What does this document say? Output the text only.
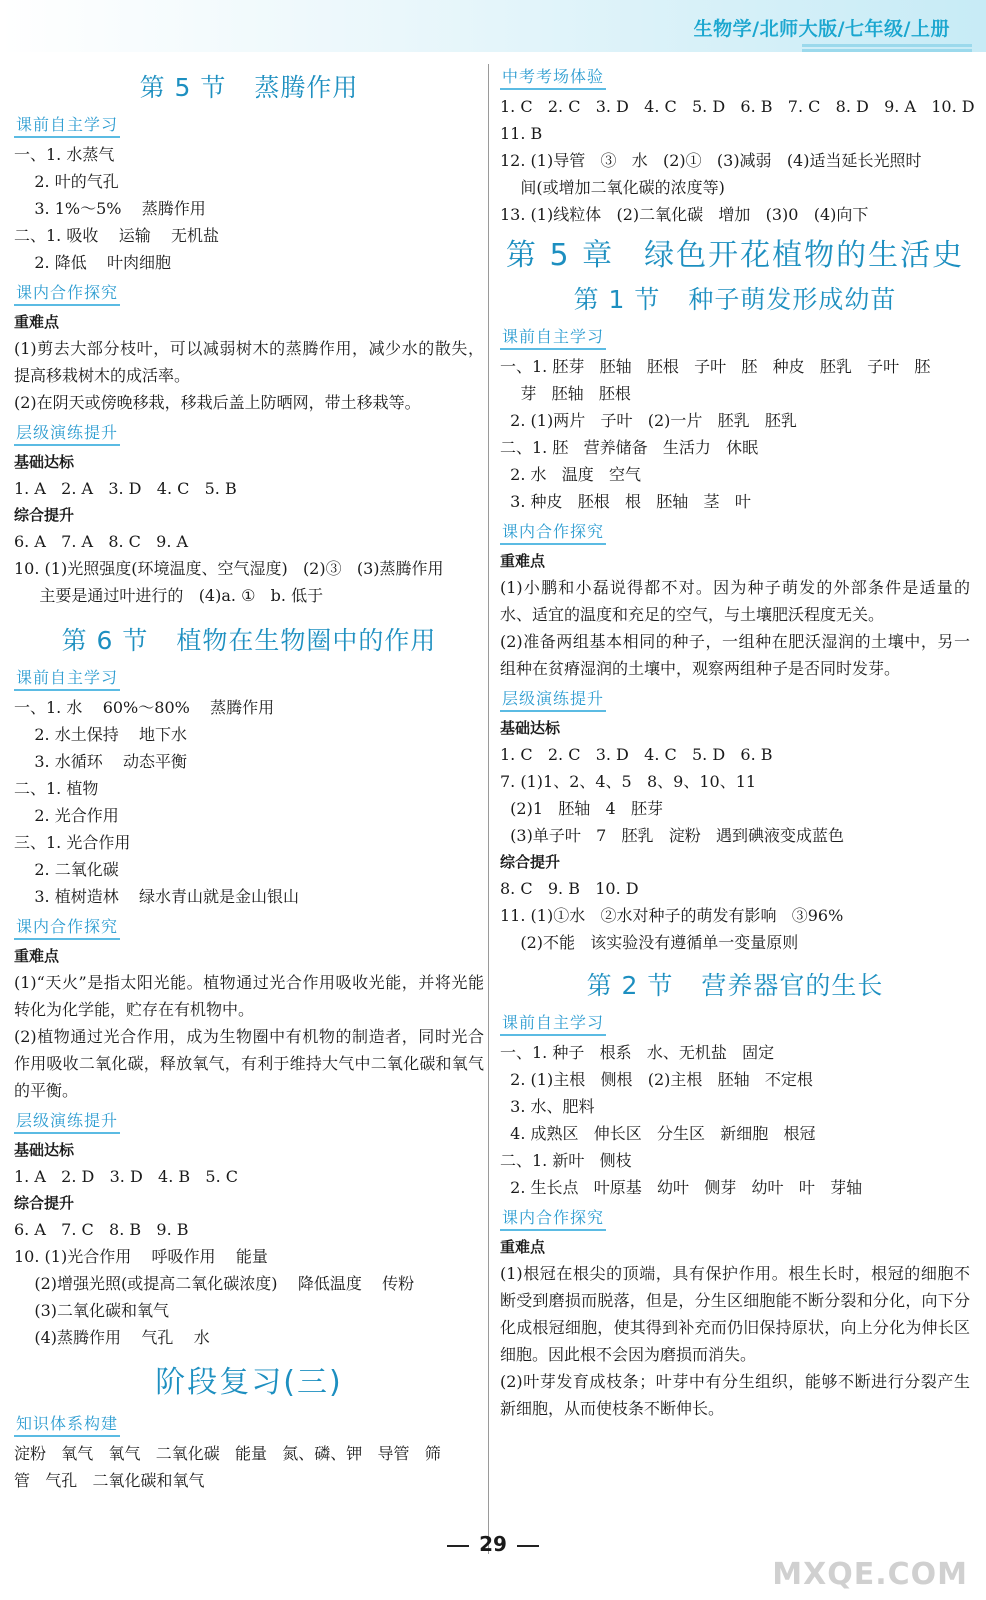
生物学/北师大版/七年级/上册
第 5 节 蒸腾作用
课前自主学习
一、1. 水蒸气
2. 叶的气孔
3. 1%～5%    蒸腾作用
二、1. 吸收    运输    无机盐
2. 降低    叶肉细胞
课内合作探究
重难点
(1)剪去大部分枝叶，可以减弱树木的蒸腾作用，减少水的散失，提高移栽树木的成活率。
(2)在阴天或傍晚移栽，移栽后盖上防晒网，带土移栽等。
层级演练提升
基础达标
1. A   2. A   3. D   4. C   5. B
综合提升
6. A   7. A   8. C   9. A
10. (1)光照强度(环境温度、空气湿度)   (2)③   (3)蒸腾作用
主要是通过叶进行的   (4)a. ①   b. 低于
第 6 节 植物在生物圈中的作用
课前自主学习
一、1. 水    60%～80%    蒸腾作用
2. 水土保持    地下水
3. 水循环    动态平衡
二、1. 植物
2. 光合作用
三、1. 光合作用
2. 二氧化碳
3. 植树造林    绿水青山就是金山银山
课内合作探究
重难点
(1)“天火”是指太阳光能。植物通过光合作用吸收光能，并将光能转化为化学能，贮存在有机物中。
(2)植物通过光合作用，成为生物圈中有机物的制造者，同时光合作用吸收二氧化碳，释放氧气，有利于维持大气中二氧化碳和氧气的平衡。
层级演练提升
基础达标
1. A   2. D   3. D   4. B   5. C
综合提升
6. A   7. C   8. B   9. B
10. (1)光合作用    呼吸作用    能量
(2)增强光照(或提高二氧化碳浓度)    降低温度    传粉
(3)二氧化碳和氧气
(4)蒸腾作用    气孔    水
阶段复习(三)
知识体系构建
淀粉   氧气   氧气   二氧化碳   能量   氮、磷、钾   导管   筛
管   气孔   二氧化碳和氧气
中考考场体验
1. C   2. C   3. D   4. C   5. D   6. B   7. C   8. D   9. A   10. D
11. B
12. (1)导管   ③   水   (2)①   (3)减弱   (4)适当延长光照时
间(或增加二氧化碳的浓度等)
13. (1)线粒体   (2)二氧化碳   增加   (3)0   (4)向下
第 5 章 绿色开花植物的生活史
第 1 节 种子萌发形成幼苗
课前自主学习
一、1. 胚芽   胚轴   胚根   子叶   胚   种皮   胚乳   子叶   胚
芽   胚轴   胚根
2. (1)两片   子叶   (2)一片   胚乳   胚乳
二、1. 胚   营养储备   生活力   休眠
2. 水   温度   空气
3. 种皮   胚根   根   胚轴   茎   叶
课内合作探究
重难点
(1)小鹏和小磊说得都不对。因为种子萌发的外部条件是适量的水、适宜的温度和充足的空气，与土壤肥沃程度无关。
(2)准备两组基本相同的种子，一组种在肥沃湿润的土壤中，另一组种在贫瘠湿润的土壤中，观察两组种子是否同时发芽。
层级演练提升
基础达标
1. C   2. C   3. D   4. C   5. D   6. B
7. (1)1、2、4、5   8、9、10、11
(2)1   胚轴   4   胚芽
(3)单子叶   7   胚乳   淀粉   遇到碘液变成蓝色
综合提升
8. C   9. B   10. D
11. (1)①水   ②水对种子的萌发有影响   ③96%
(2)不能   该实验没有遵循单一变量原则
第 2 节 营养器官的生长
课前自主学习
一、1. 种子   根系   水、无机盐   固定
2. (1)主根   侧根   (2)主根   胚轴   不定根
3. 水、肥料
4. 成熟区   伸长区   分生区   新细胞   根冠
二、1. 新叶   侧枝
2. 生长点   叶原基   幼叶   侧芽   幼叶   叶   芽轴
课内合作探究
重难点
(1)根冠在根尖的顶端，具有保护作用。根生长时，根冠的细胞不断受到磨损而脱落，但是，分生区细胞能不断分裂和分化，向下分化成根冠细胞，使其得到补充而仍旧保持原状，向上分化为伸长区细胞。因此根不会因为磨损而消失。
(2)叶芽发育成枝条；叶芽中有分生组织，能够不断进行分裂产生新细胞，从而使枝条不断伸长。
29
MXQE.COM
